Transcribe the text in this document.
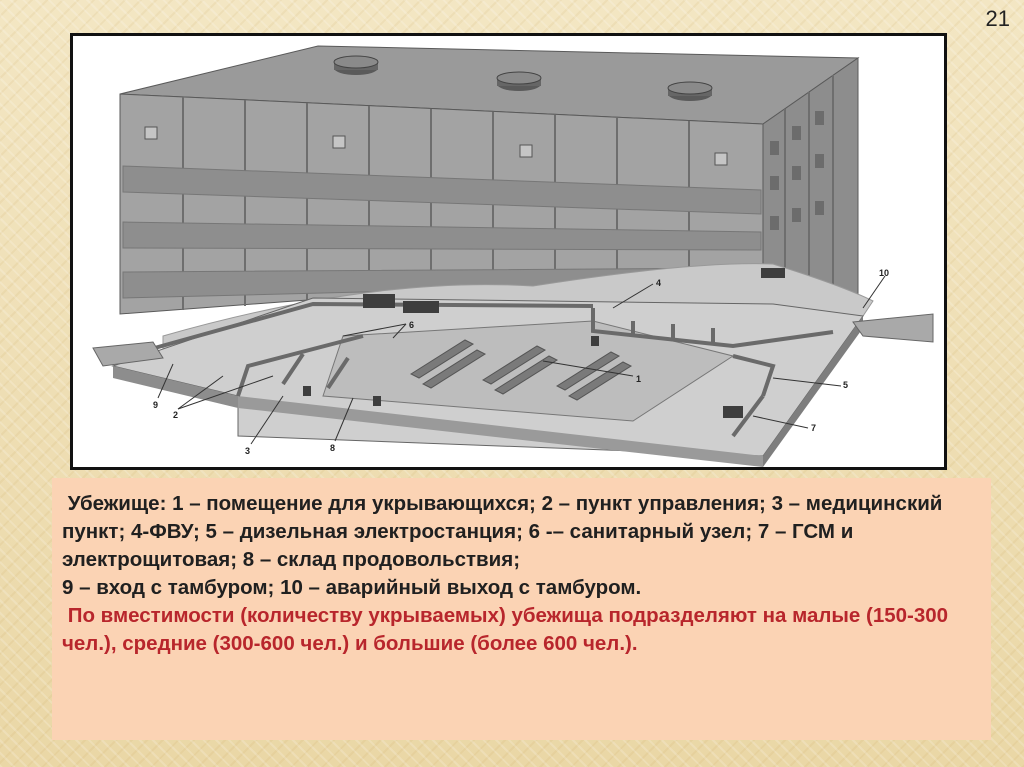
21
1
2
3
4
5
6
7
8
9
10

Убежище: 1 – помещение для укрывающихся; 2 – пункт управления; 3 – медицинский пункт; 4-ФВУ; 5 – дизельная электростанция; 6 -– санитарный узел; 7 – ГСМ и электрощитовая; 8 – склад продовольствия;

9 – вход с тамбуром; 10 – аварийный выход с тамбуром.

По вместимости (количеству укрываемых) убежища подразделяют на малые (150-300 чел.), средние (300-600 чел.) и большие (более 600 чел.).
